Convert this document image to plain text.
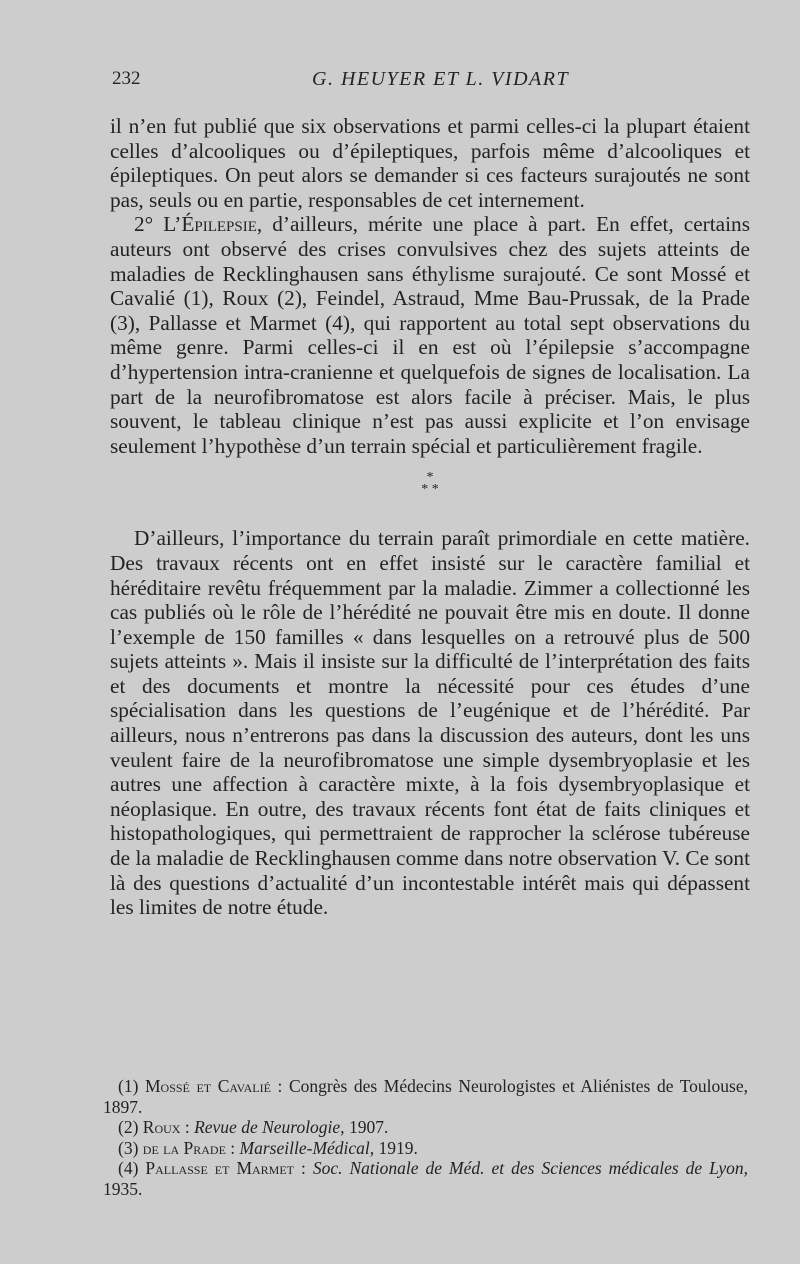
232	G. HEUYER ET L. VIDART

il n’en fut publié que six observations et parmi celles-ci la plupart étaient celles d’alcooliques ou d’épileptiques, parfois même d’alcooliques et épileptiques. On peut alors se demander si ces facteurs surajoutés ne sont pas, seuls ou en partie, responsables de cet internement.

2° L’Épilepsie, d’ailleurs, mérite une place à part. En effet, certains auteurs ont observé des crises convulsives chez des sujets atteints de maladies de Recklinghausen sans éthylisme surajouté. Ce sont Mossé et Cavalié (1), Roux (2), Feindel, Astraud, Mme Bau-Prussak, de la Prade (3), Pallasse et Marmet (4), qui rapportent au total sept observations du même genre. Parmi celles-ci il en est où l’épilepsie s’accompagne d’hypertension intra-cranienne et quelquefois de signes de localisation. La part de la neurofibromatose est alors facile à préciser. Mais, le plus souvent, le tableau clinique n’est pas aussi explicite et l’on envisage seulement l’hypothèse d’un terrain spécial et particulièrement fragile.

*
* *

D’ailleurs, l’importance du terrain paraît primordiale en cette matière. Des travaux récents ont en effet insisté sur le caractère familial et héréditaire revêtu fréquemment par la maladie. Zimmer a collectionné les cas publiés où le rôle de l’hérédité ne pouvait être mis en doute. Il donne l’exemple de 150 familles « dans lesquelles on a retrouvé plus de 500 sujets atteints ». Mais il insiste sur la difficulté de l’interprétation des faits et des documents et montre la nécessité pour ces études d’une spécialisation dans les questions de l’eugénique et de l’hérédité. Par ailleurs, nous n’entrerons pas dans la discussion des auteurs, dont les uns veulent faire de la neurofibromatose une simple dysembryoplasie et les autres une affection à caractère mixte, à la fois dysembryoplasique et néoplasique. En outre, des travaux récents font état de faits cliniques et histopathologiques, qui permettraient de rapprocher la sclérose tubéreuse de la maladie de Recklinghausen comme dans notre observation V. Ce sont là des questions d’actualité d’un incontestable intérêt mais qui dépassent les limites de notre étude.

(1) Mossé et Cavalié : Congrès des Médecins Neurologistes et Aliénistes de Toulouse, 1897.

(2) Roux : Revue de Neurologie, 1907.

(3) de la Prade : Marseille-Médical, 1919.

(4) Pallasse et Marmet : Soc. Nationale de Méd. et des Sciences médicales de Lyon, 1935.
